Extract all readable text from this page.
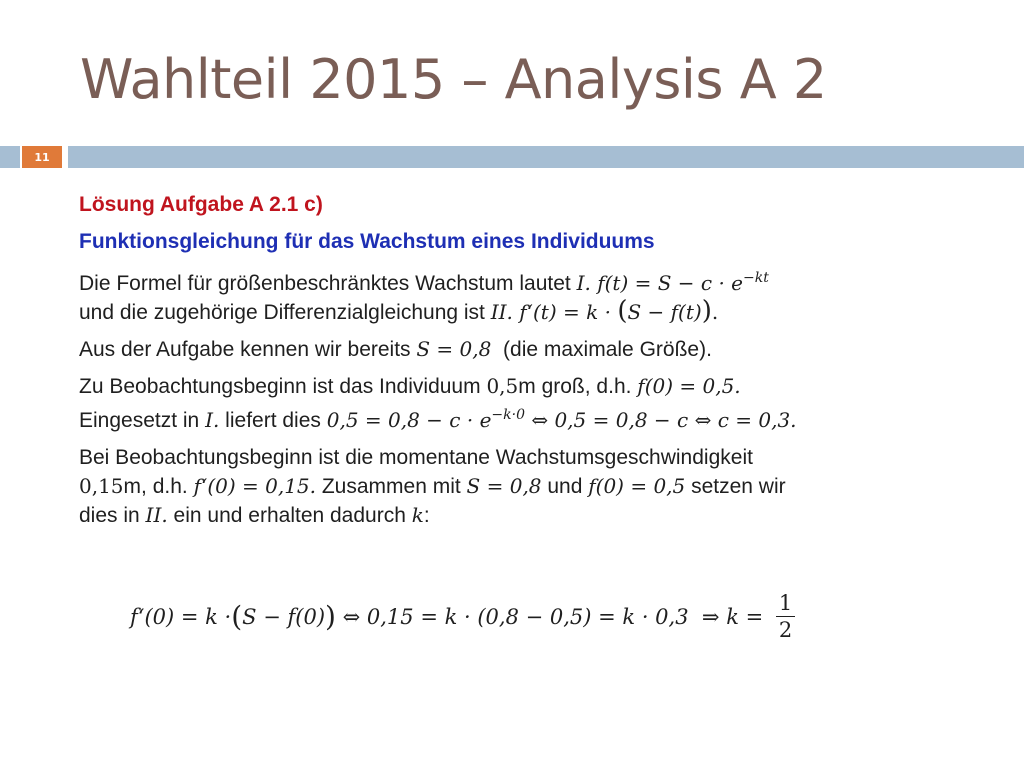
Wahlteil 2015 – Analysis A 2
11

Lösung Aufgabe A 2.1 c)

Funktionsgleichung für das Wachstum eines Individuums

Die Formel für größenbeschränktes Wachstum lautet I. $f(t) = S - c \cdot e^{-kt}$
und die zugehörige Differenzialgleichung ist II. f‘(t) = k · (S − f(t)).
Aus der Aufgabe kennen wir bereits S = 0,8  (die maximale Größe).
Zu Beobachtungsbeginn ist das Individuum 0,5m groß, d.h. f(0) = 0,5.
Eingesetzt in I. liefert dies $0,5 = 0,8 - c \cdot e^{-k\cdot 0}$ ⇔ 0,5 = 0,8 − c ⇔ c = 0,3.
Bei Beobachtungsbeginn ist die momentane Wachstumsgeschwindigkeit
0,15m, d.h. f‘(0) = 0,15. Zusammen mit S = 0,8 und f(0) = 0,5 setzen wir
dies in II. ein und erhalten dadurch k:
f‘(0) = k · ( S − f(0) ) ⇔ 0,15 = k · (0,8 − 0,5) = k · 0,3  ⇒ $k = \frac{1}{2}$
